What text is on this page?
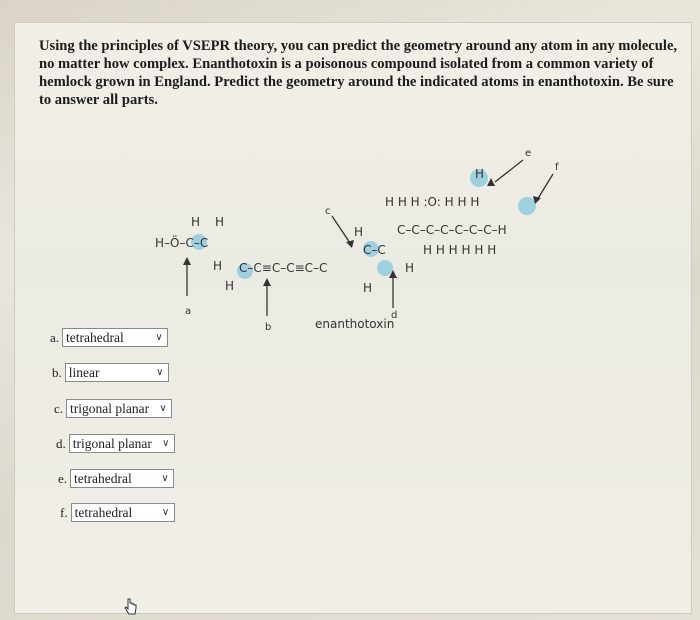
Using the principles of VSEPR theory, you can predict the geometry around any atom in any molecule, no matter how complex. Enanthotoxin is a poisonous compound isolated from a common variety of hemlock grown in England. Predict the geometry around the indicated atoms in enanthotoxin. Be sure to answer all parts.
H H
H–Ö–C–C
H
H
C–C≡C–C≡C–C
H
C–C
H
H
H
H H H :O: H H H
C–C–C–C–C–C–C–H
H H H H H H
a
b
c
d
e
f
enanthotoxin
a. tetrahedral	∨
b. linear	∨
c. trigonal planar	∨
d. trigonal planar	∨
e. tetrahedral	∨
f. tetrahedral	∨
